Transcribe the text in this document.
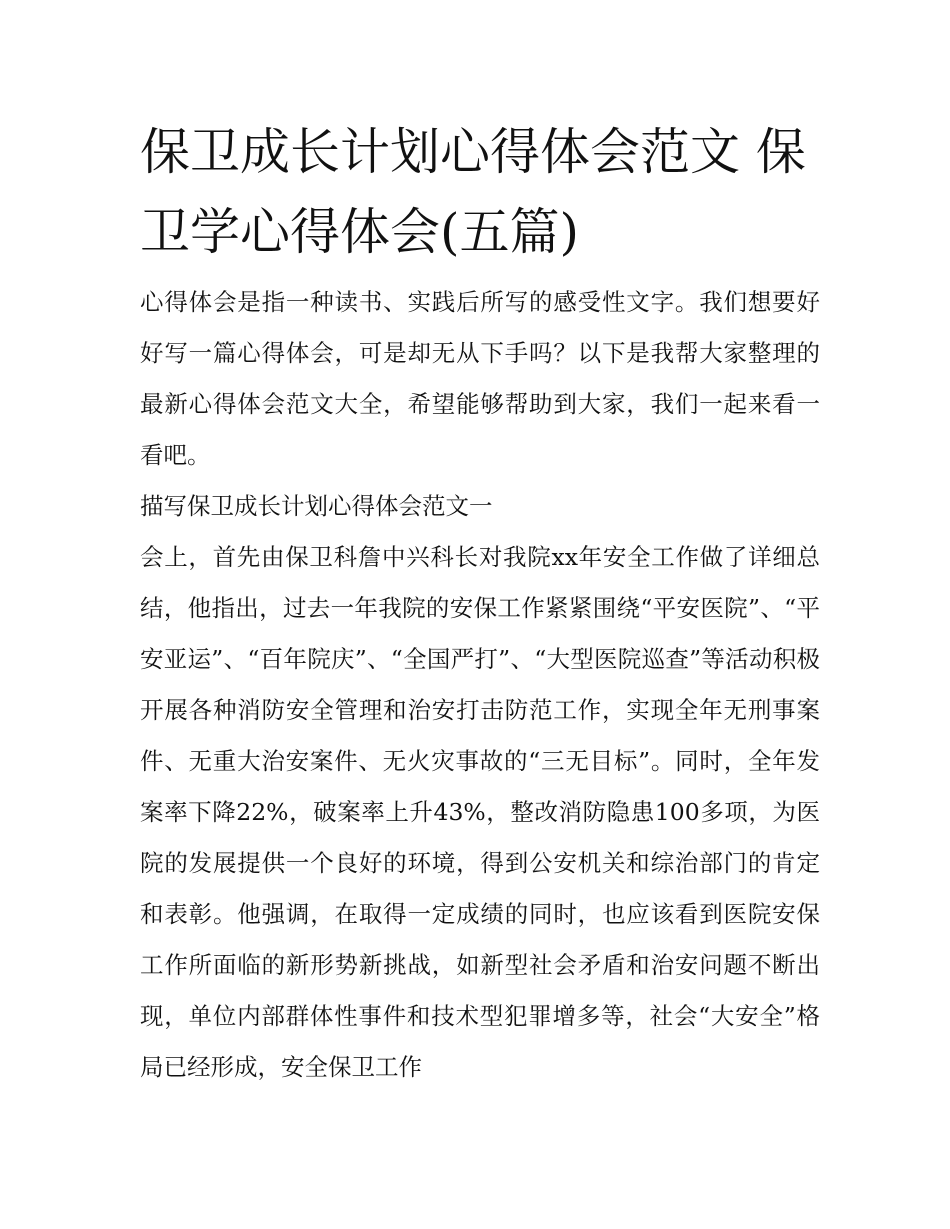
保卫成长计划心得体会范文 保卫学心得体会(五篇)

心得体会是指一种读书、实践后所写的感受性文字。我们想要好好写一篇心得体会，可是却无从下手吗？以下是我帮大家整理的最新心得体会范文大全，希望能够帮助到大家，我们一起来看一看吧。

描写保卫成长计划心得体会范文一

会上，首先由保卫科詹中兴科长对我院xx年安全工作做了详细总结，他指出，过去一年我院的安保工作紧紧围绕“平安医院”、“平安亚运”、“百年院庆”、“全国严打”、“大型医院巡查”等活动积极开展各种消防安全管理和治安打击防范工作，实现全年无刑事案件、无重大治安案件、无火灾事故的“三无目标”。同时，全年发案率下降22%，破案率上升43%，整改消防隐患100多项，为医院的发展提供一个良好的环境，得到公安机关和综治部门的肯定和表彰。他强调，在取得一定成绩的同时，也应该看到医院安保工作所面临的新形势新挑战，如新型社会矛盾和治安问题不断出现，单位内部群体性事件和技术型犯罪增多等，社会“大安全”格局已经形成，安全保卫工作
